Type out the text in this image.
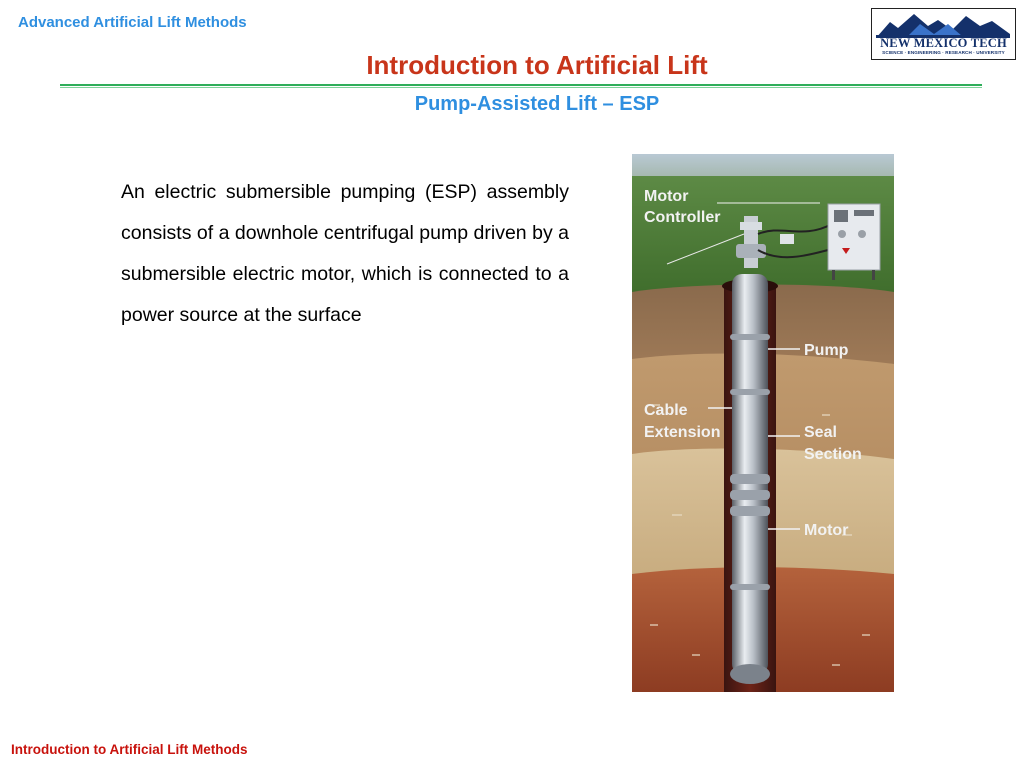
Advanced Artificial Lift Methods
NEW MEXICO TECH
SCIENCE · ENGINEERING · RESEARCH · UNIVERSITY
Introduction to Artificial Lift
Pump-Assisted Lift – ESP
An electric submersible pumping (ESP) assembly consists of a downhole centrifugal pump driven by a submersible electric motor, which is connected to a power source at the surface
Motor
Controller
Pump
Cable
Extension	Seal
Section
Motor
Introduction to Artificial Lift Methods
